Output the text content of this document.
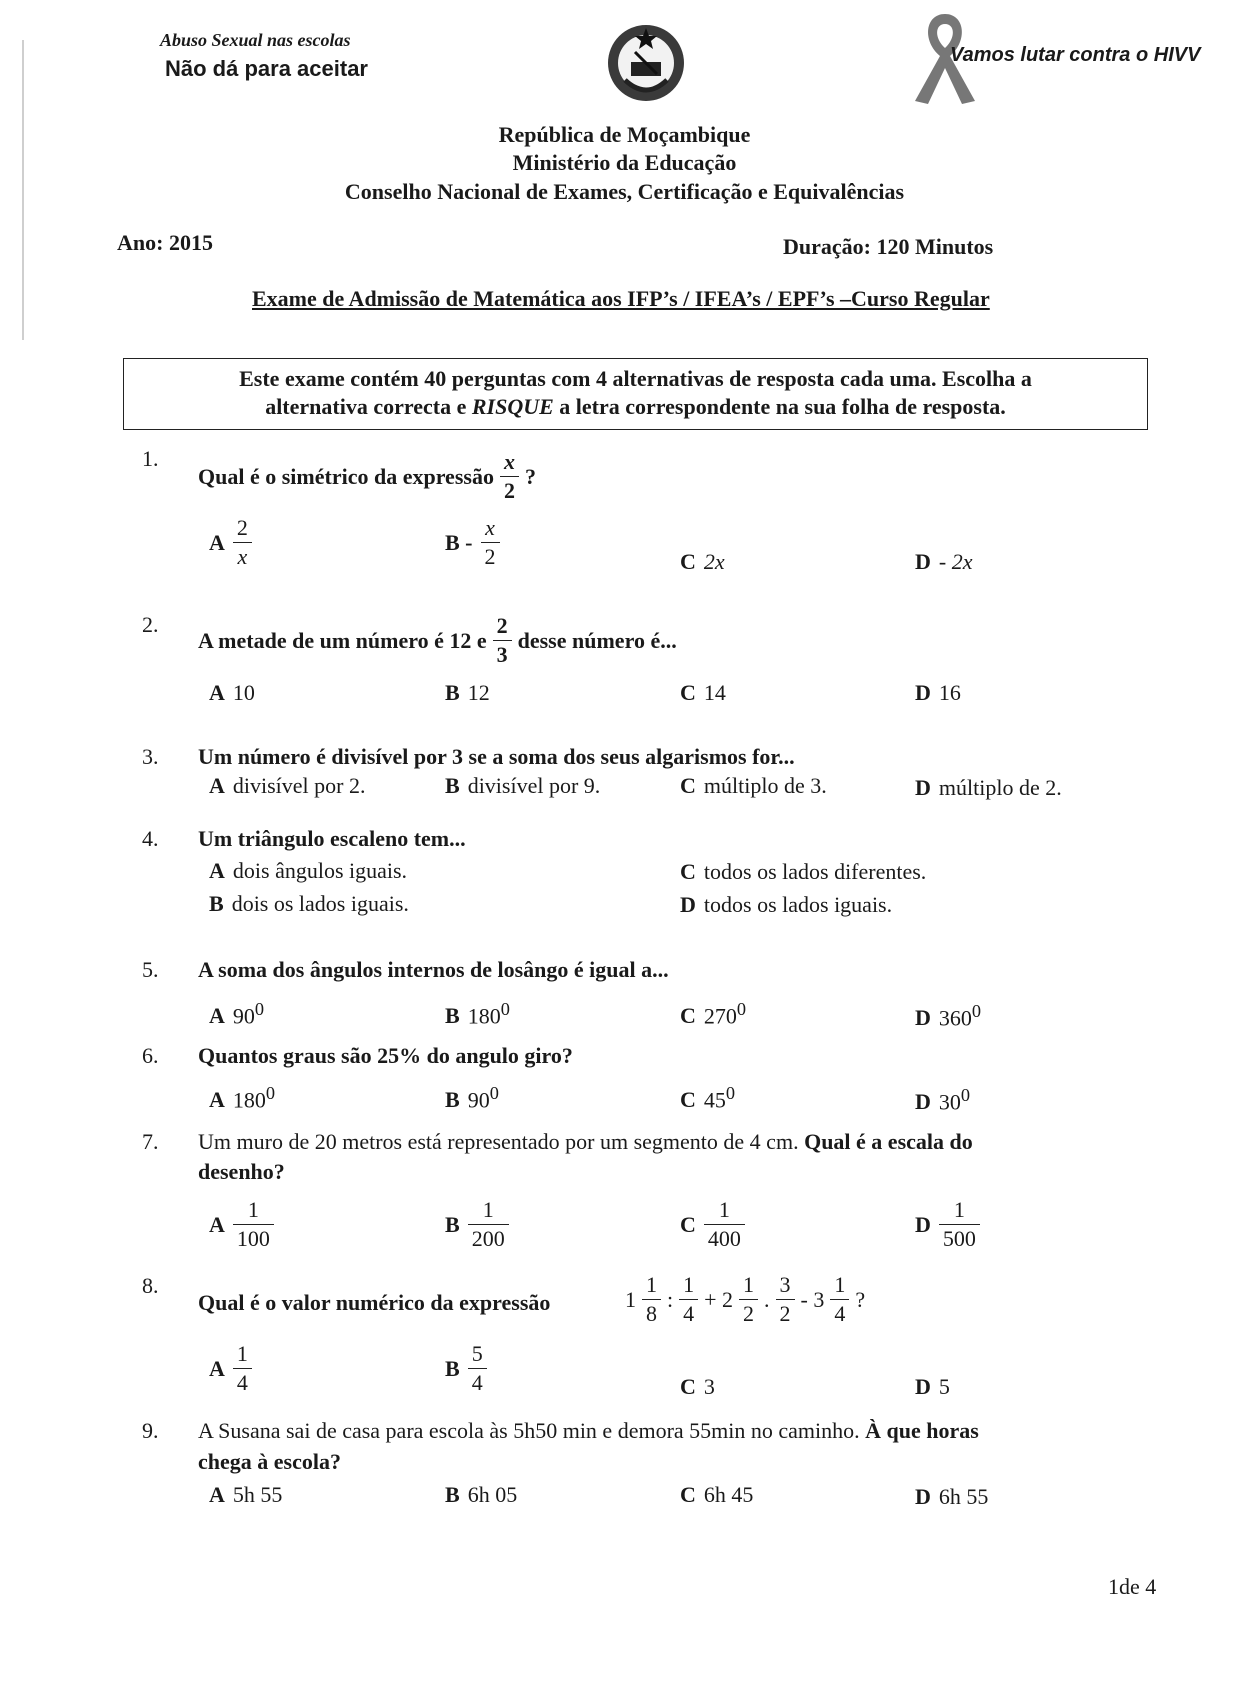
Abuso Sexual nas escolas
Não dá para aceitar
Vamos lutar contra o HIVV
República de Moçambique
Ministério da Educação
Conselho Nacional de Exames, Certificação e Equivalências
Ano: 2015	Duração: 120 Minutos
Exame de Admissão de Matemática aos IFP’s / IFEA’s / EPF’s –Curso Regular
Este exame contém 40 perguntas com 4 alternativas de resposta cada uma. Escolha a
alternativa correcta e RISQUE a letra correspondente na sua folha de resposta.
1.
Qual é o simétrico da expressão $\frac{x}{2}$ ?
A $\frac{2}{x}$	B - $\frac{x}{2}$	C 2x	D - 2x
2.
A metade de um número é 12 e $\frac{2}{3}$ desse número é...
A 10	B 12	C 14	D 16
3. Um número é divisível por 3 se a soma dos seus algarismos for...
A divisível por 2.	B divisível por 9.	C múltiplo de 3.	D múltiplo de 2.
4. Um triângulo escaleno tem...
A dois ângulos iguais.
B dois os lados iguais.
C todos os lados diferentes.
D todos os lados iguais.
5. A soma dos ângulos internos de losângo é igual a...
A $90^0$	B $180^0$	C $270^0$	D $360^0$
6. Quantos graus são 25% do angulo giro?
A $180^0$	B $90^0$	C $45^0$	D $30^0$
7. Um muro de 20 metros está representado por um segmento de 4 cm. Qual é a escala do
desenho?
A $\frac{1}{100}$	B $\frac{1}{200}$	C $\frac{1}{400}$	D $\frac{1}{500}$
8.
Qual é o valor numérico da expressão	$1 \frac{1}{8}$ : $\frac{1}{4} + 2 \frac{1}{2}$ . $\frac{3}{2} - 3 \frac{1}{4}$ ?
A $\frac{1}{4}$	B $\frac{5}{4}$	C 3	D 5
9. A Susana sai de casa para escola às 5h50 min e demora 55min no caminho. À que horas
chega à escola?
A 5h 55	B 6h 05	C 6h 45	D 6h 55
1de 4
